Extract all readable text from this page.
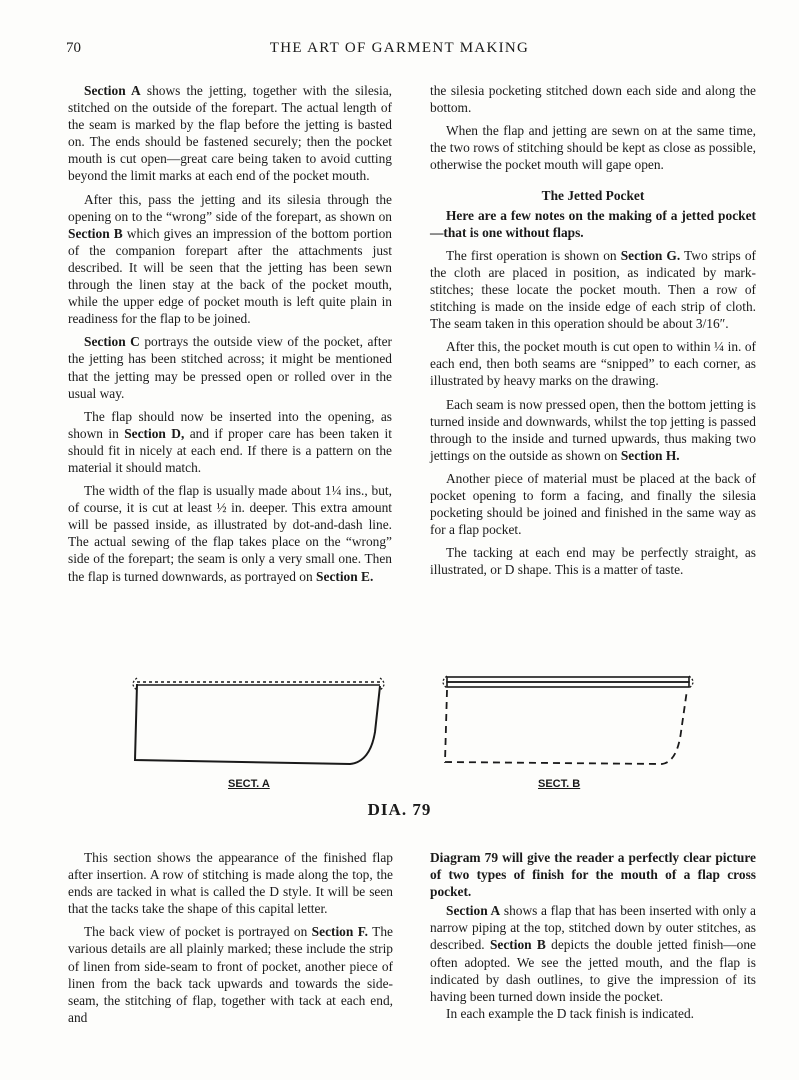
70	THE ART OF GARMENT MAKING

Section A shows the jetting, together with the silesia, stitched on the outside of the forepart. The actual length of the seam is marked by the flap before the jetting is basted on. The ends should be fastened securely; then the pocket mouth is cut open—great care being taken to avoid cutting beyond the limit marks at each end of the pocket mouth.

After this, pass the jetting and its silesia through the opening on to the “wrong” side of the forepart, as shown on Section B which gives an impression of the bottom portion of the companion forepart after the attachments just described. It will be seen that the jetting has been sewn through the linen stay at the back of the pocket mouth, while the upper edge of pocket mouth is left quite plain in readiness for the flap to be joined.

Section C portrays the outside view of the pocket, after the jetting has been stitched across; it might be mentioned that the jetting may be pressed open or rolled over in the usual way.

The flap should now be inserted into the opening, as shown in Section D, and if proper care has been taken it should fit in nicely at each end. If there is a pattern on the material it should match.

The width of the flap is usually made about 1¼ ins., but, of course, it is cut at least ½ in. deeper. This extra amount will be passed inside, as illustrated by dot-and-dash line. The actual sewing of the flap takes place on the “wrong” side of the forepart; the seam is only a very small one. Then the flap is turned downwards, as portrayed on Section E.

the silesia pocketing stitched down each side and along the bottom.

When the flap and jetting are sewn on at the same time, the two rows of stitching should be kept as close as possible, otherwise the pocket mouth will gape open.

The Jetted Pocket

Here are a few notes on the making of a jetted pocket—that is one without flaps.

The first operation is shown on Section G. Two strips of the cloth are placed in position, as indicated by mark-stitches; these locate the pocket mouth. Then a row of stitching is made on the inside edge of each strip of cloth. The seam taken in this operation should be about 3/16″.

After this, the pocket mouth is cut open to within ¼ in. of each end, then both seams are “snipped” to each corner, as illustrated by heavy marks on the drawing.

Each seam is now pressed open, then the bottom jetting is turned inside and downwards, whilst the top jetting is passed through to the inside and turned upwards, thus making two jettings on the outside as shown on Section H.

Another piece of material must be placed at the back of pocket opening to form a facing, and finally the silesia pocketing should be joined and finished in the same way as for a flap pocket.

The tacking at each end may be perfectly straight, as illustrated, or D shape. This is a matter of taste.

SECT. A	SECT. B
DIA. 79

This section shows the appearance of the finished flap after insertion. A row of stitching is made along the top, the ends are tacked in what is called the D style. It will be seen that the tacks take the shape of this capital letter.

The back view of pocket is portrayed on Section F. The various details are all plainly marked; these include the strip of linen from side-seam to front of pocket, another piece of linen from the back tack upwards and towards the side-seam, the stitching of flap, together with tack at each end, and

Diagram 79 will give the reader a perfectly clear picture of two types of finish for the mouth of a flap cross pocket.

Section A shows a flap that has been inserted with only a narrow piping at the top, stitched down by outer stitches, as described. Section B depicts the double jetted finish—one often adopted. We see the jetted mouth, and the flap is indicated by dash outlines, to give the impression of its having been turned down inside the pocket.

In each example the D tack finish is indicated.
